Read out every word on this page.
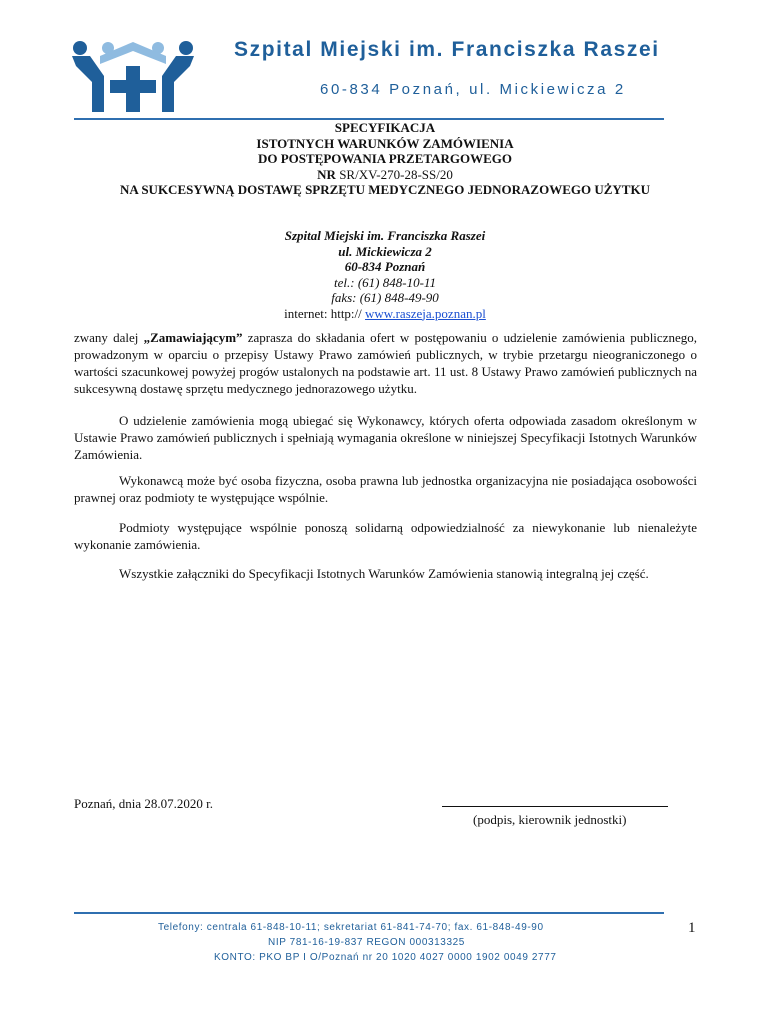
Szpital Miejski im. Franciszka Raszei
60-834 Poznań, ul. Mickiewicza 2
SPECYFIKACJA
ISTOTNYCH WARUNKÓW ZAMÓWIENIA
DO POSTĘPOWANIA PRZETARGOWEGO
NR SR/XV-270-28-SS/20
NA SUKCESYWNĄ DOSTAWĘ SPRZĘTU MEDYCZNEGO JEDNORAZOWEGO UŻYTKU
Szpital Miejski im. Franciszka Raszei
ul. Mickiewicza 2
60-834 Poznań
tel.: (61) 848-10-11
faks: (61) 848-49-90
internet: http:// www.raszeja.poznan.pl
zwany dalej „Zamawiającym” zaprasza do składania ofert w postępowaniu o udzielenie zamówienia publicznego, prowadzonym w oparciu o przepisy Ustawy Prawo zamówień publicznych, w trybie przetargu nieograniczonego o wartości szacunkowej powyżej progów ustalonych na podstawie art. 11 ust. 8 Ustawy Prawo zamówień publicznych na sukcesywną dostawę sprzętu medycznego jednorazowego użytku.
O udzielenie zamówienia mogą ubiegać się Wykonawcy, których oferta odpowiada zasadom określonym w Ustawie Prawo zamówień publicznych i spełniają wymagania określone w niniejszej Specyfikacji Istotnych Warunków Zamówienia.
Wykonawcą może być osoba fizyczna, osoba prawna lub jednostka organizacyjna nie posiadająca osobowości prawnej oraz podmioty te występujące wspólnie.
Podmioty występujące wspólnie ponoszą solidarną odpowiedzialność za niewykonanie lub nienależyte wykonanie zamówienia.
Wszystkie załączniki do Specyfikacji Istotnych Warunków Zamówienia stanowią integralną jej część.
Poznań, dnia 28.07.2020 r.
(podpis, kierownik jednostki)
Telefony: centrala 61-848-10-11; sekretariat 61-841-74-70; fax. 61-848-49-90
NIP 781-16-19-837 REGON 000313325
KONTO: PKO BP I O/Poznań nr 20 1020 4027 0000 1902 0049 2777
1
